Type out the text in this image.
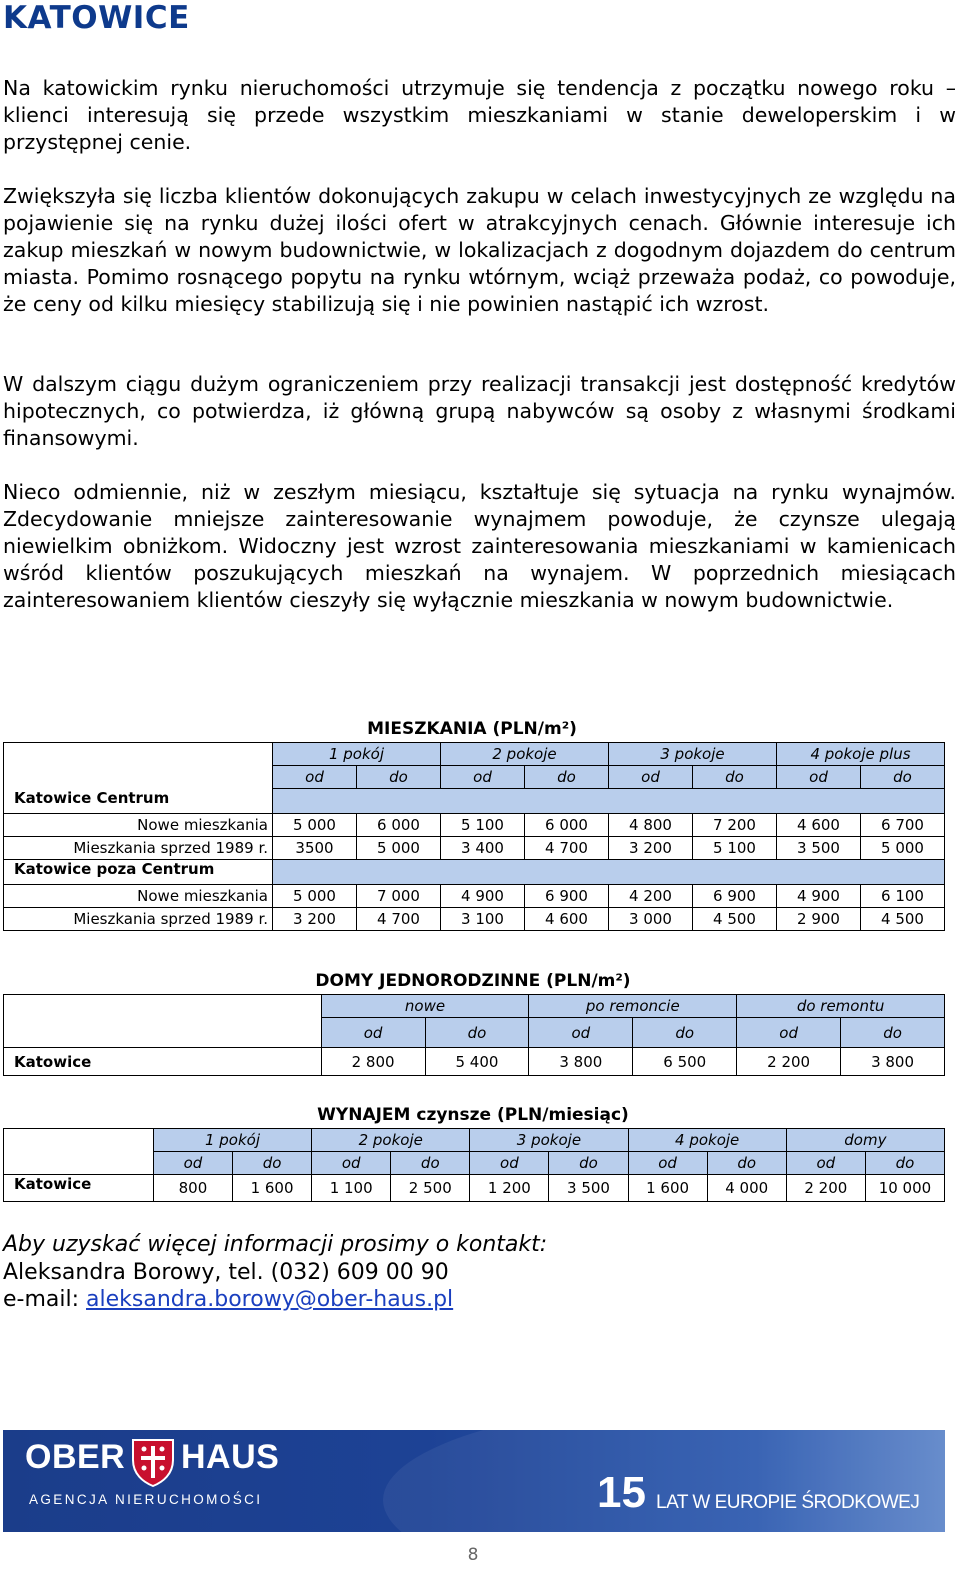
KATOWICE

Na katowickim rynku nieruchomości utrzymuje się tendencja z początku nowego roku – klienci interesują się przede wszystkim mieszkaniami w stanie deweloperskim i w przystępnej cenie.

Zwiększyła się liczba klientów dokonujących zakupu w celach inwestycyjnych ze względu na pojawienie się na rynku dużej ilości ofert w atrakcyjnych cenach. Głównie interesuje ich zakup mieszkań w nowym budownictwie, w lokalizacjach z dogodnym dojazdem do centrum miasta. Pomimo rosnącego popytu na rynku wtórnym, wciąż przeważa podaż, co powoduje, że ceny od kilku miesięcy stabilizują się i nie powinien nastąpić ich wzrost.

W dalszym ciągu dużym ograniczeniem przy realizacji transakcji jest dostępność kredytów hipotecznych, co potwierdza, iż główną grupą nabywców są osoby z własnymi środkami finansowymi.

Nieco odmiennie, niż w zeszłym miesiącu, kształtuje się sytuacja na rynku wynajmów. Zdecydowanie mniejsze zainteresowanie wynajmem powoduje, że czynsze ulegają niewielkim obniżkom. Widoczny jest wzrost zainteresowania mieszkaniami w kamienicach wśród klientów poszukujących mieszkań na wynajem. W poprzednich miesiącach zainteresowaniem klientów cieszyły się wyłącznie mieszkania w nowym budownictwie.

MIESZKANIA (PLN/m²)
	1 pokój		2 pokoje		3 pokoje		4 pokoje plus	
	od	do	od	do	od	do	od	do
Katowice Centrum								
Nowe mieszkania	5 000	6 000	5 100	6 000	4 800	7 200	4 600	6 700
Mieszkania sprzed 1989 r.	3500	5 000	3 400	4 700	3 200	5 100	3 500	5 000
Katowice poza Centrum								
Nowe mieszkania	5 000	7 000	4 900	6 900	4 200	6 900	4 900	6 100
Mieszkania sprzed 1989 r.	3 200	4 700	3 100	4 600	3 000	4 500	2 900	4 500
DOMY JEDNORODZINNE (PLN/m²)
	nowe		po remoncie		do remontu	
	od	do	od	do	od	do
Katowice	2 800	5 400	3 800	6 500	2 200	3 800
WYNAJEM czynsze (PLN/miesiąc)
	1 pokój		2 pokoje		3 pokoje		4 pokoje		domy	
	od	do	od	do	od	do	od	do	od	do
Katowice	800	1 600	1 100	2 500	1 200	3 500	1 600	4 000	2 200	10 000
Aby uzyskać więcej informacji prosimy o kontakt:
Aleksandra Borowy, tel. (032) 609 00 90
e-mail: aleksandra.borowy@ober-haus.pl
OBER HAUS
AGENCJA NIERUCHOMOŚCI	15 LAT W EUROPIE ŚRODKOWEJ
8
